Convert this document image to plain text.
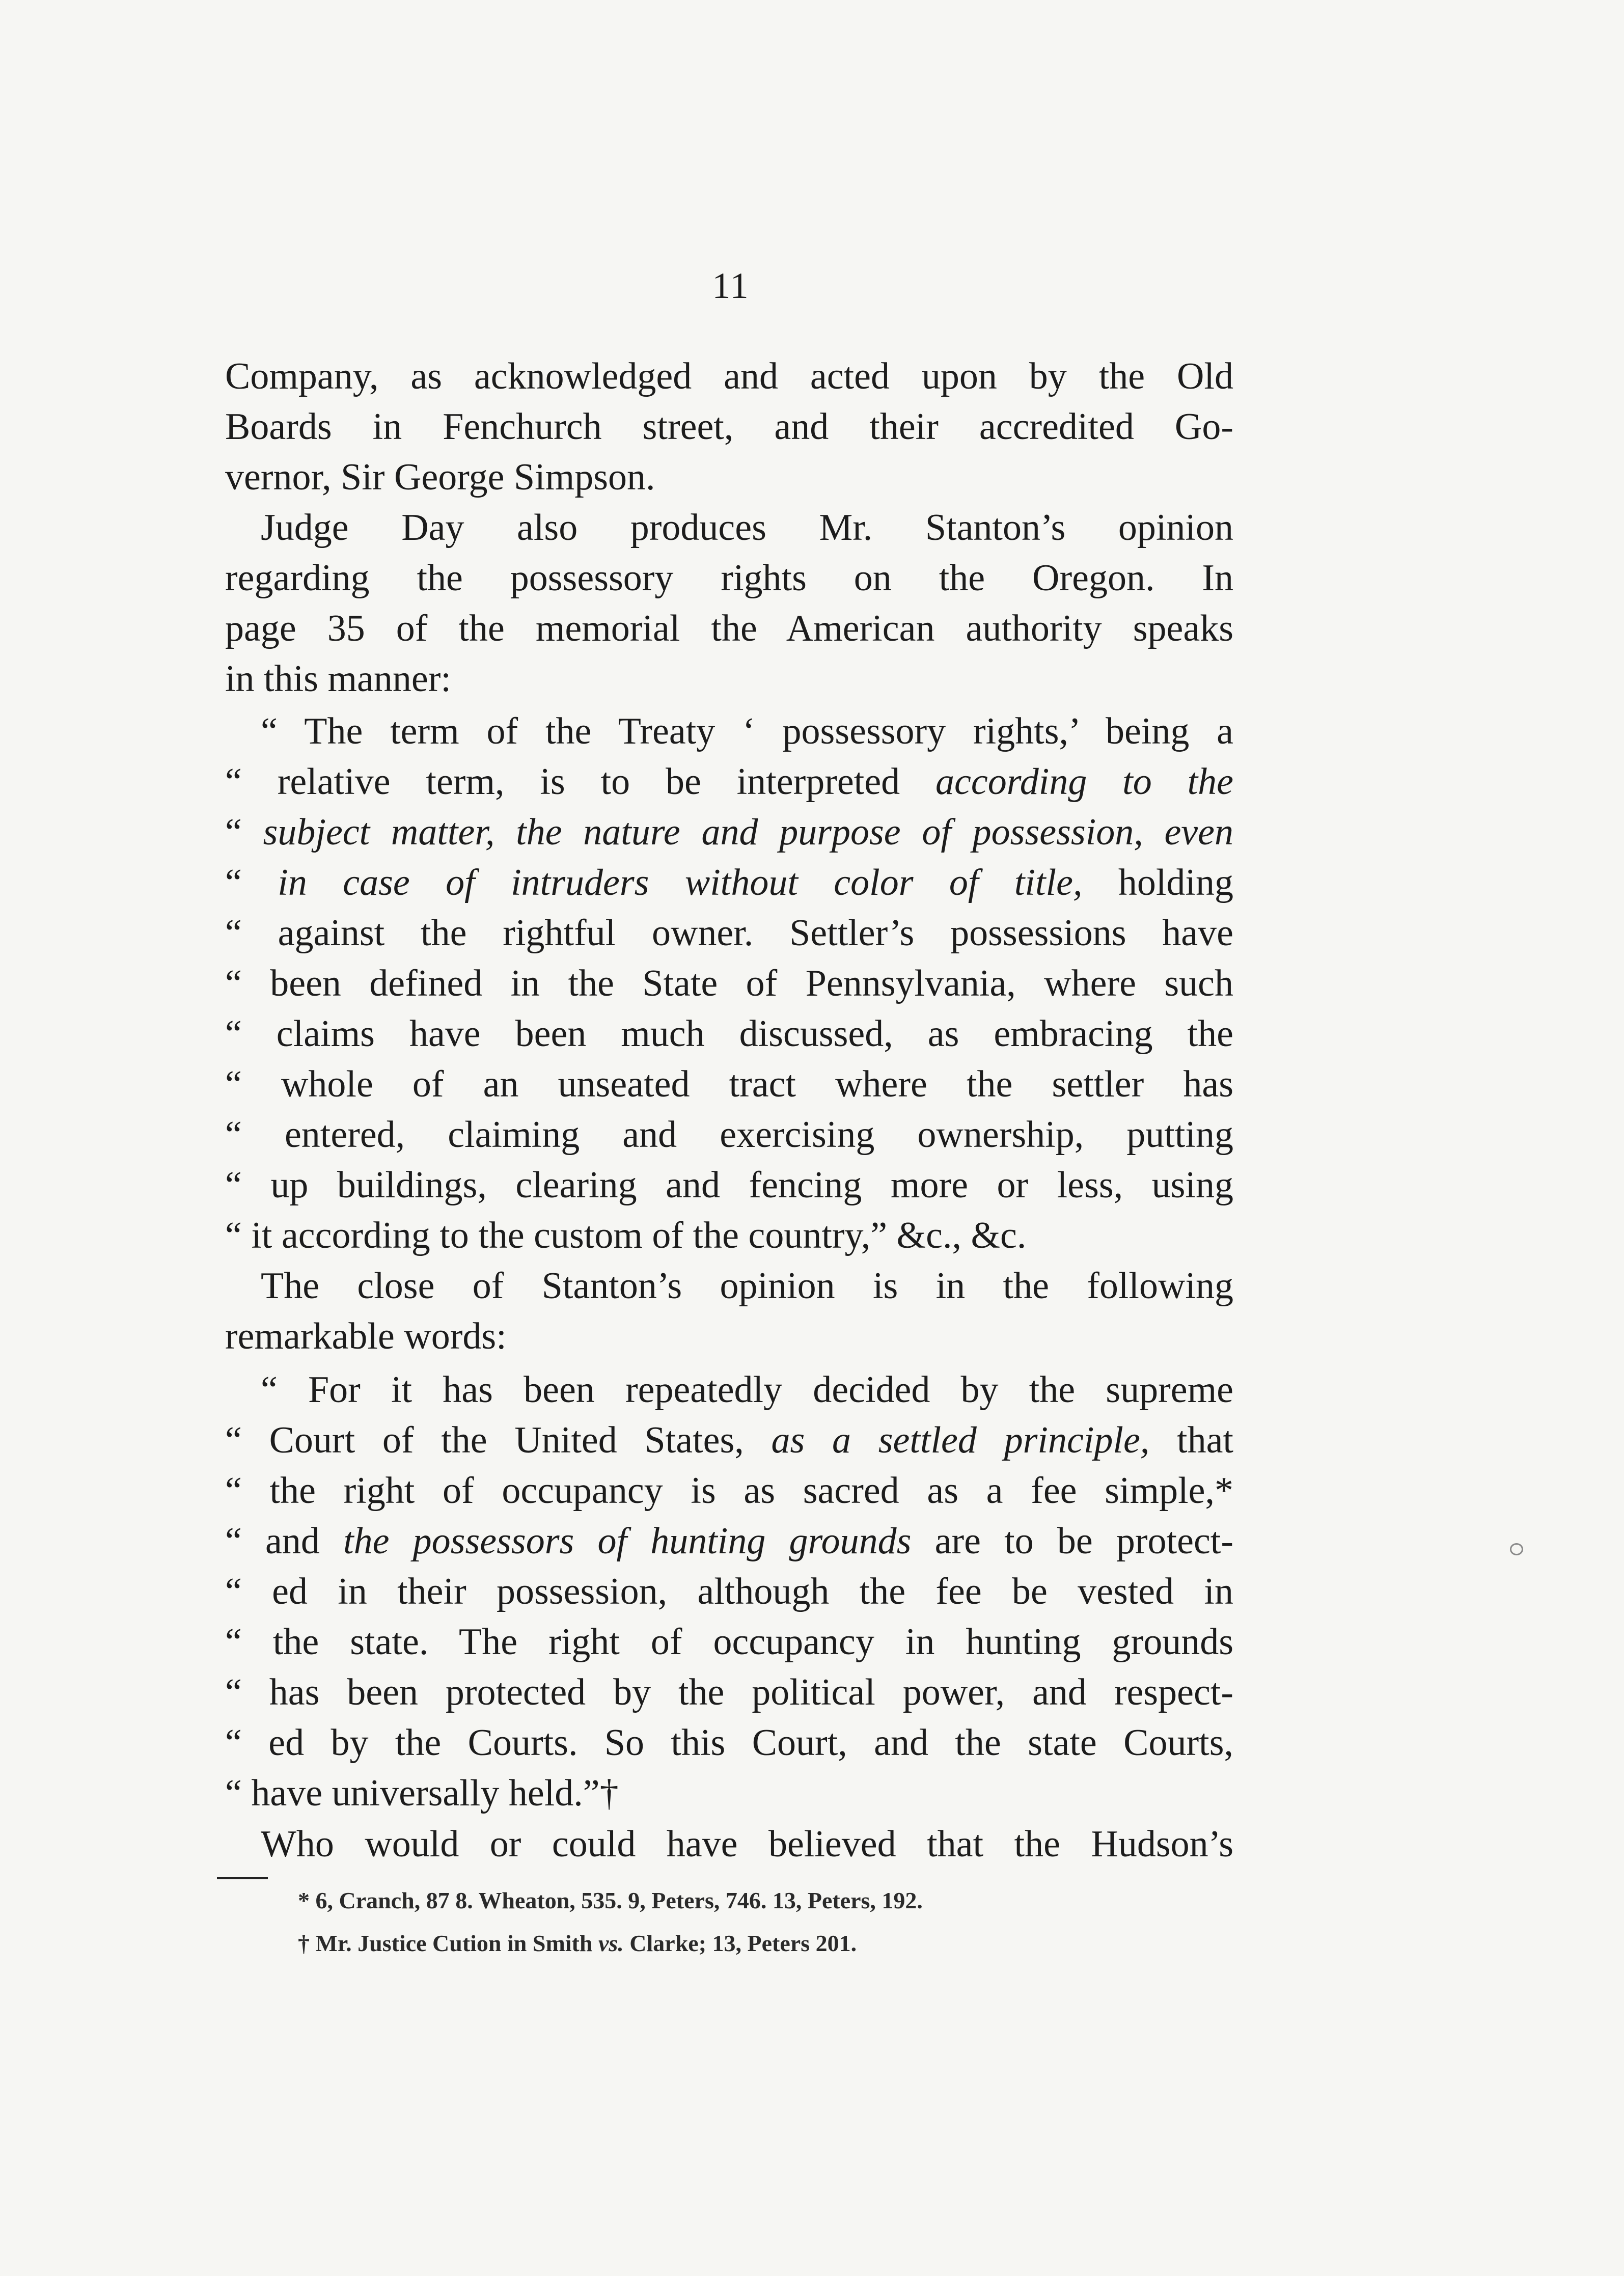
11
Company, as acknowledged and acted upon by the Old
Boards in Fenchurch street, and their accredited Go-
vernor, Sir George Simpson.
Judge Day also produces Mr. Stanton’s opinion
regarding the possessory rights on the Oregon. In
page 35 of the memorial the American authority speaks
in this manner:
“ The term of the Treaty ‘ possessory rights,’ being a
“ relative term, is to be interpreted according to the
“ subject matter, the nature and purpose of possession, even
“ in case of intruders without color of title, holding
“ against the rightful owner. Settler’s possessions have
“ been defined in the State of Pennsylvania, where such
“ claims have been much discussed, as embracing the
“ whole of an unseated tract where the settler has
“ entered, claiming and exercising ownership, putting
“ up buildings, clearing and fencing more or less, using
“ it according to the custom of the country,” &c., &c.
The close of Stanton’s opinion is in the following
remarkable words:
“ For it has been repeatedly decided by the supreme
“ Court of the United States, as a settled principle, that
“ the right of occupancy is as sacred as a fee simple,*
“ and the possessors of hunting grounds are to be protect-
“ ed in their possession, although the fee be vested in
“ the state. The right of occupancy in hunting grounds
“ has been protected by the political power, and respect-
“ ed by the Courts. So this Court, and the state Courts,
“ have universally held.”†
Who would or could have believed that the Hudson’s
* 6, Cranch, 87 8. Wheaton, 535. 9, Peters, 746. 13, Peters, 192.
† Mr. Justice Cution in Smith vs. Clarke; 13, Peters 201.
